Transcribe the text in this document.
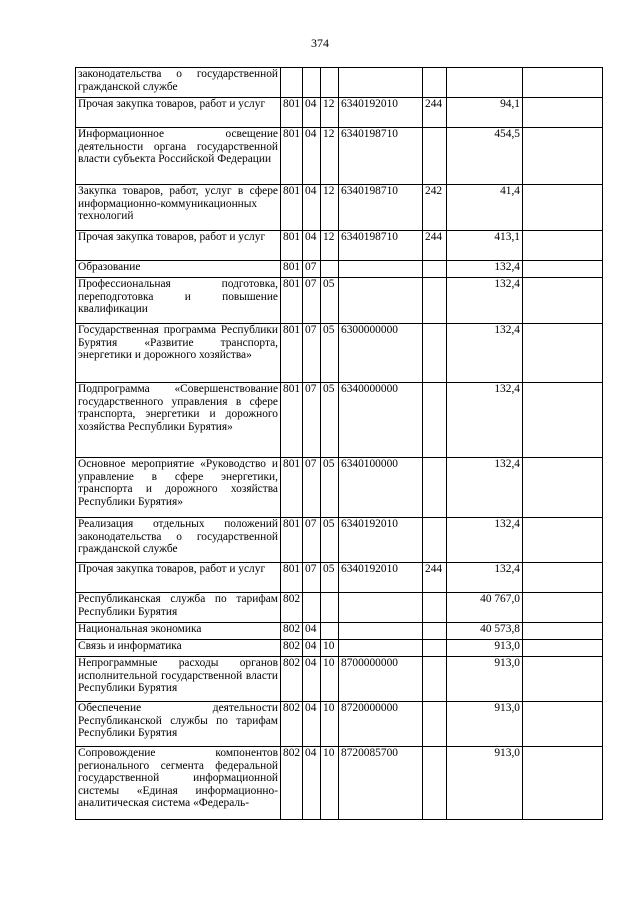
374
законодательства о государственной гражданской службе							
Прочая закупка товаров, работ и услуг	801	04	12	6340192010	244	94,1	
Информационное освещение деятельности органа государственной власти субъекта Российской Федерации	801	04	12	6340198710		454,5	
Закупка товаров, работ, услуг в сфере информационно-коммуникационных технологий	801	04	12	6340198710	242	41,4	
Прочая закупка товаров, работ и услуг	801	04	12	6340198710	244	413,1	
Образование	801	07				132,4	
Профессиональная подготовка, переподготовка и повышение квалификации	801	07	05			132,4	
Государственная программа Республики Бурятия «Развитие транспорта, энергетики и дорожного хозяйства»	801	07	05	6300000000		132,4	
Подпрограмма «Совершенствование государственного управления в сфере транспорта, энергетики и дорожного хозяйства Республики Бурятия»	801	07	05	6340000000		132,4	
Основное мероприятие «Руководство и управление в сфере энергетики, транспорта и дорожного хозяйства Республики Бурятия»	801	07	05	6340100000		132,4	
Реализация отдельных положений законодательства о государственной гражданской службе	801	07	05	6340192010		132,4	
Прочая закупка товаров, работ и услуг	801	07	05	6340192010	244	132,4	
Республиканская служба по тарифам Республики Бурятия	802					40 767,0	
Национальная экономика	802	04				40 573,8	
Связь и информатика	802	04	10			913,0	
Непрограммные расходы органов исполнительной государственной власти Республики Бурятия	802	04	10	8700000000		913,0	
Обеспечение деятельности Республиканской службы по тарифам Республики Бурятия	802	04	10	8720000000		913,0	
Сопровождение компонентов регионального сегмента федеральной государственной информационной системы «Единая информационно-аналитическая система «Федераль-	802	04	10	8720085700		913,0	
